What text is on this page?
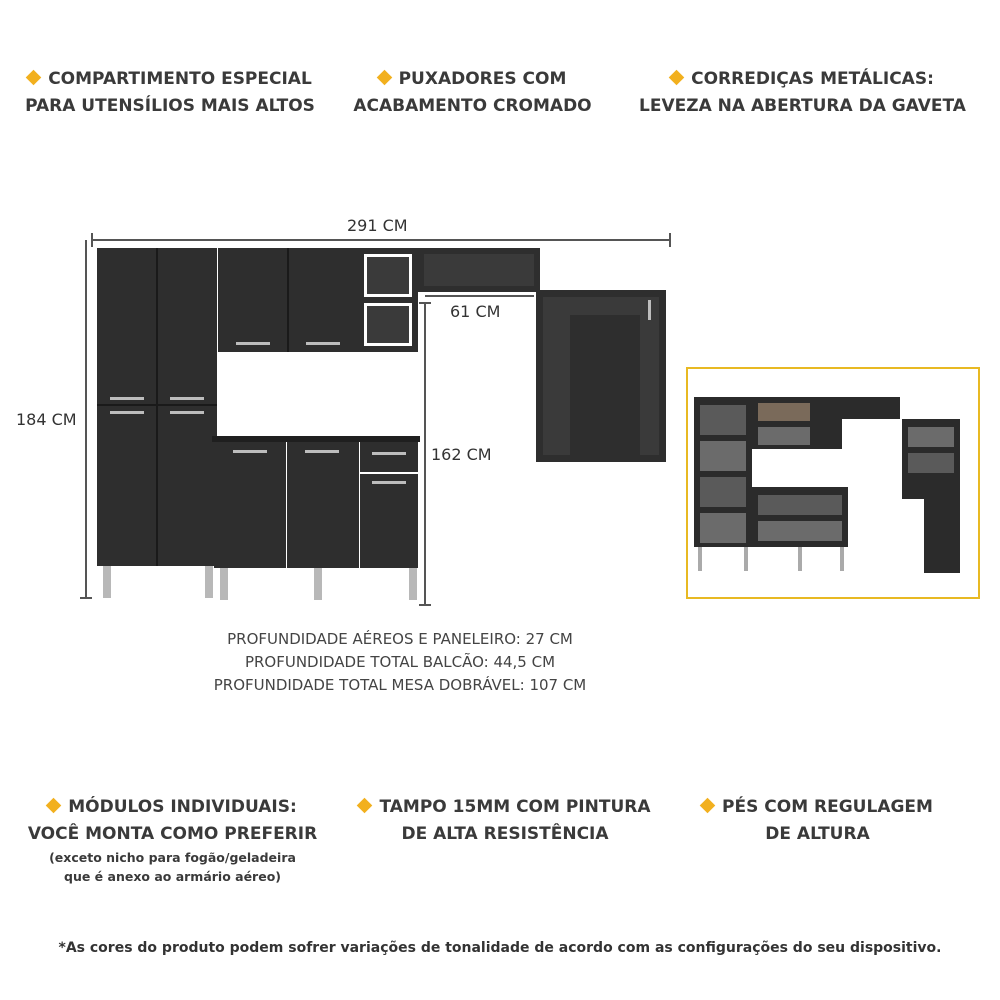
COMPARTIMENTO ESPECIAL
PARA UTENSÍLIOS MAIS ALTOS
PUXADORES COM
ACABAMENTO CROMADO
CORREDIÇAS METÁLICAS:
LEVEZA NA ABERTURA DA GAVETA
291 CM
184 CM
61 CM
162 CM
PROFUNDIDADE AÉREOS E PANELEIRO: 27 CM
PROFUNDIDADE TOTAL BALCÃO: 44,5 CM
PROFUNDIDADE TOTAL MESA DOBRÁVEL: 107 CM
MÓDULOS INDIVIDUAIS:
VOCÊ MONTA COMO PREFERIR
(exceto nicho para fogão/geladeira
que é anexo ao armário aéreo)
TAMPO 15MM COM PINTURA
DE ALTA RESISTÊNCIA
PÉS COM REGULAGEM
DE ALTURA
*As cores do produto podem sofrer variações de tonalidade de acordo com as configurações do seu dispositivo.
